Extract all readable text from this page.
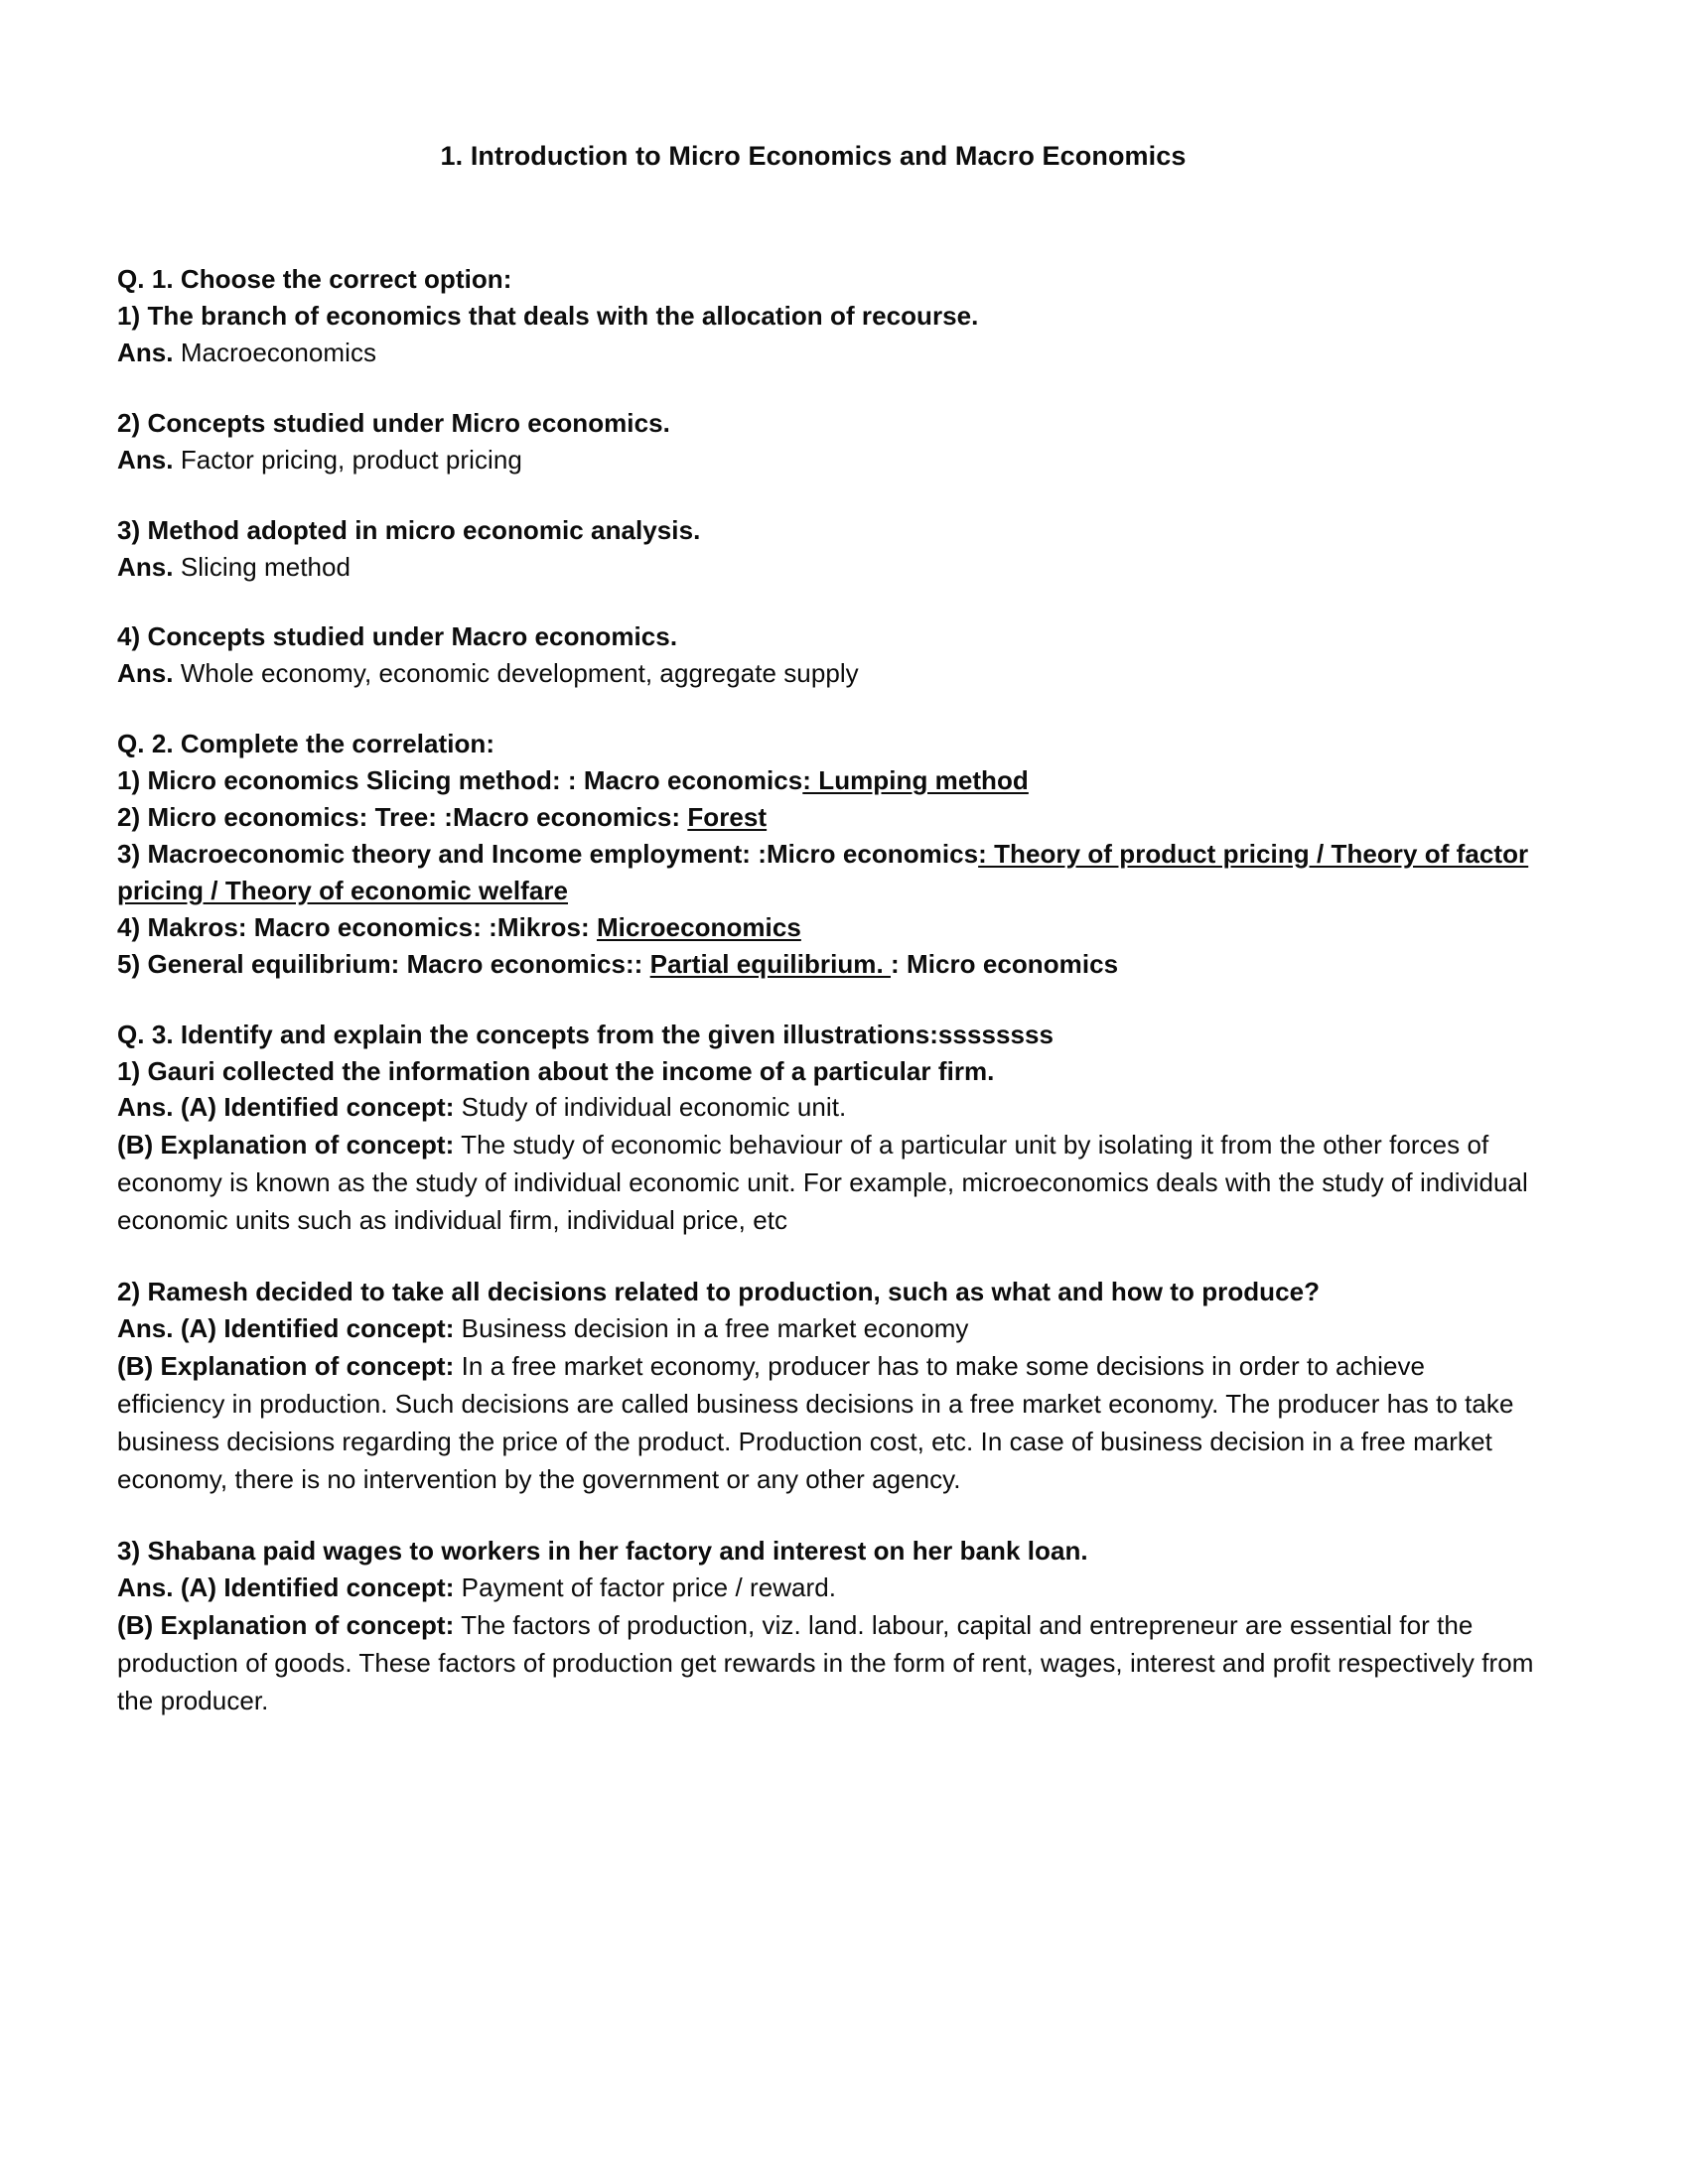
1. Introduction to Micro Economics and Macro Economics
Q. 1. Choose the correct option:
1) The branch of economics that deals with the allocation of recourse.
Ans. Macroeconomics
2) Concepts studied under Micro economics.
Ans. Factor pricing, product pricing
3) Method adopted in micro economic analysis.
Ans. Slicing method
4) Concepts studied under Macro economics.
Ans. Whole economy, economic development, aggregate supply
Q. 2. Complete the correlation:
1) Micro economics Slicing method: : Macro economics: Lumping method
2) Micro economics: Tree: :Macro economics: Forest
3) Macroeconomic theory and Income employment: :Micro economics: Theory of product pricing / Theory of factor pricing / Theory of economic welfare
4) Makros: Macro economics: :Mikros: Microeconomics
5) General equilibrium: Macro economics:: Partial equilibrium. : Micro economics
Q. 3. Identify and explain the concepts from the given illustrations:ssssssss
1) Gauri collected the information about the income of a particular firm.
Ans. (A) Identified concept: Study of individual economic unit.
(B) Explanation of concept: The study of economic behaviour of a particular unit by isolating it from the other forces of economy is known as the study of individual economic unit. For example, microeconomics deals with the study of individual economic units such as individual firm, individual price, etc
2) Ramesh decided to take all decisions related to production, such as what and how to produce?
Ans. (A) Identified concept: Business decision in a free market economy
(B) Explanation of concept: In a free market economy, producer has to make some decisions in order to achieve efficiency in production. Such decisions are called business decisions in a free market economy. The producer has to take business decisions regarding the price of the product. Production cost, etc. In case of business decision in a free market economy, there is no intervention by the government or any other agency.
3) Shabana paid wages to workers in her factory and interest on her bank loan.
Ans. (A) Identified concept: Payment of factor price / reward.
(B) Explanation of concept: The factors of production, viz. land. labour, capital and entrepreneur are essential for the production of goods. These factors of production get rewards in the form of rent, wages, interest and profit respectively from the producer.
